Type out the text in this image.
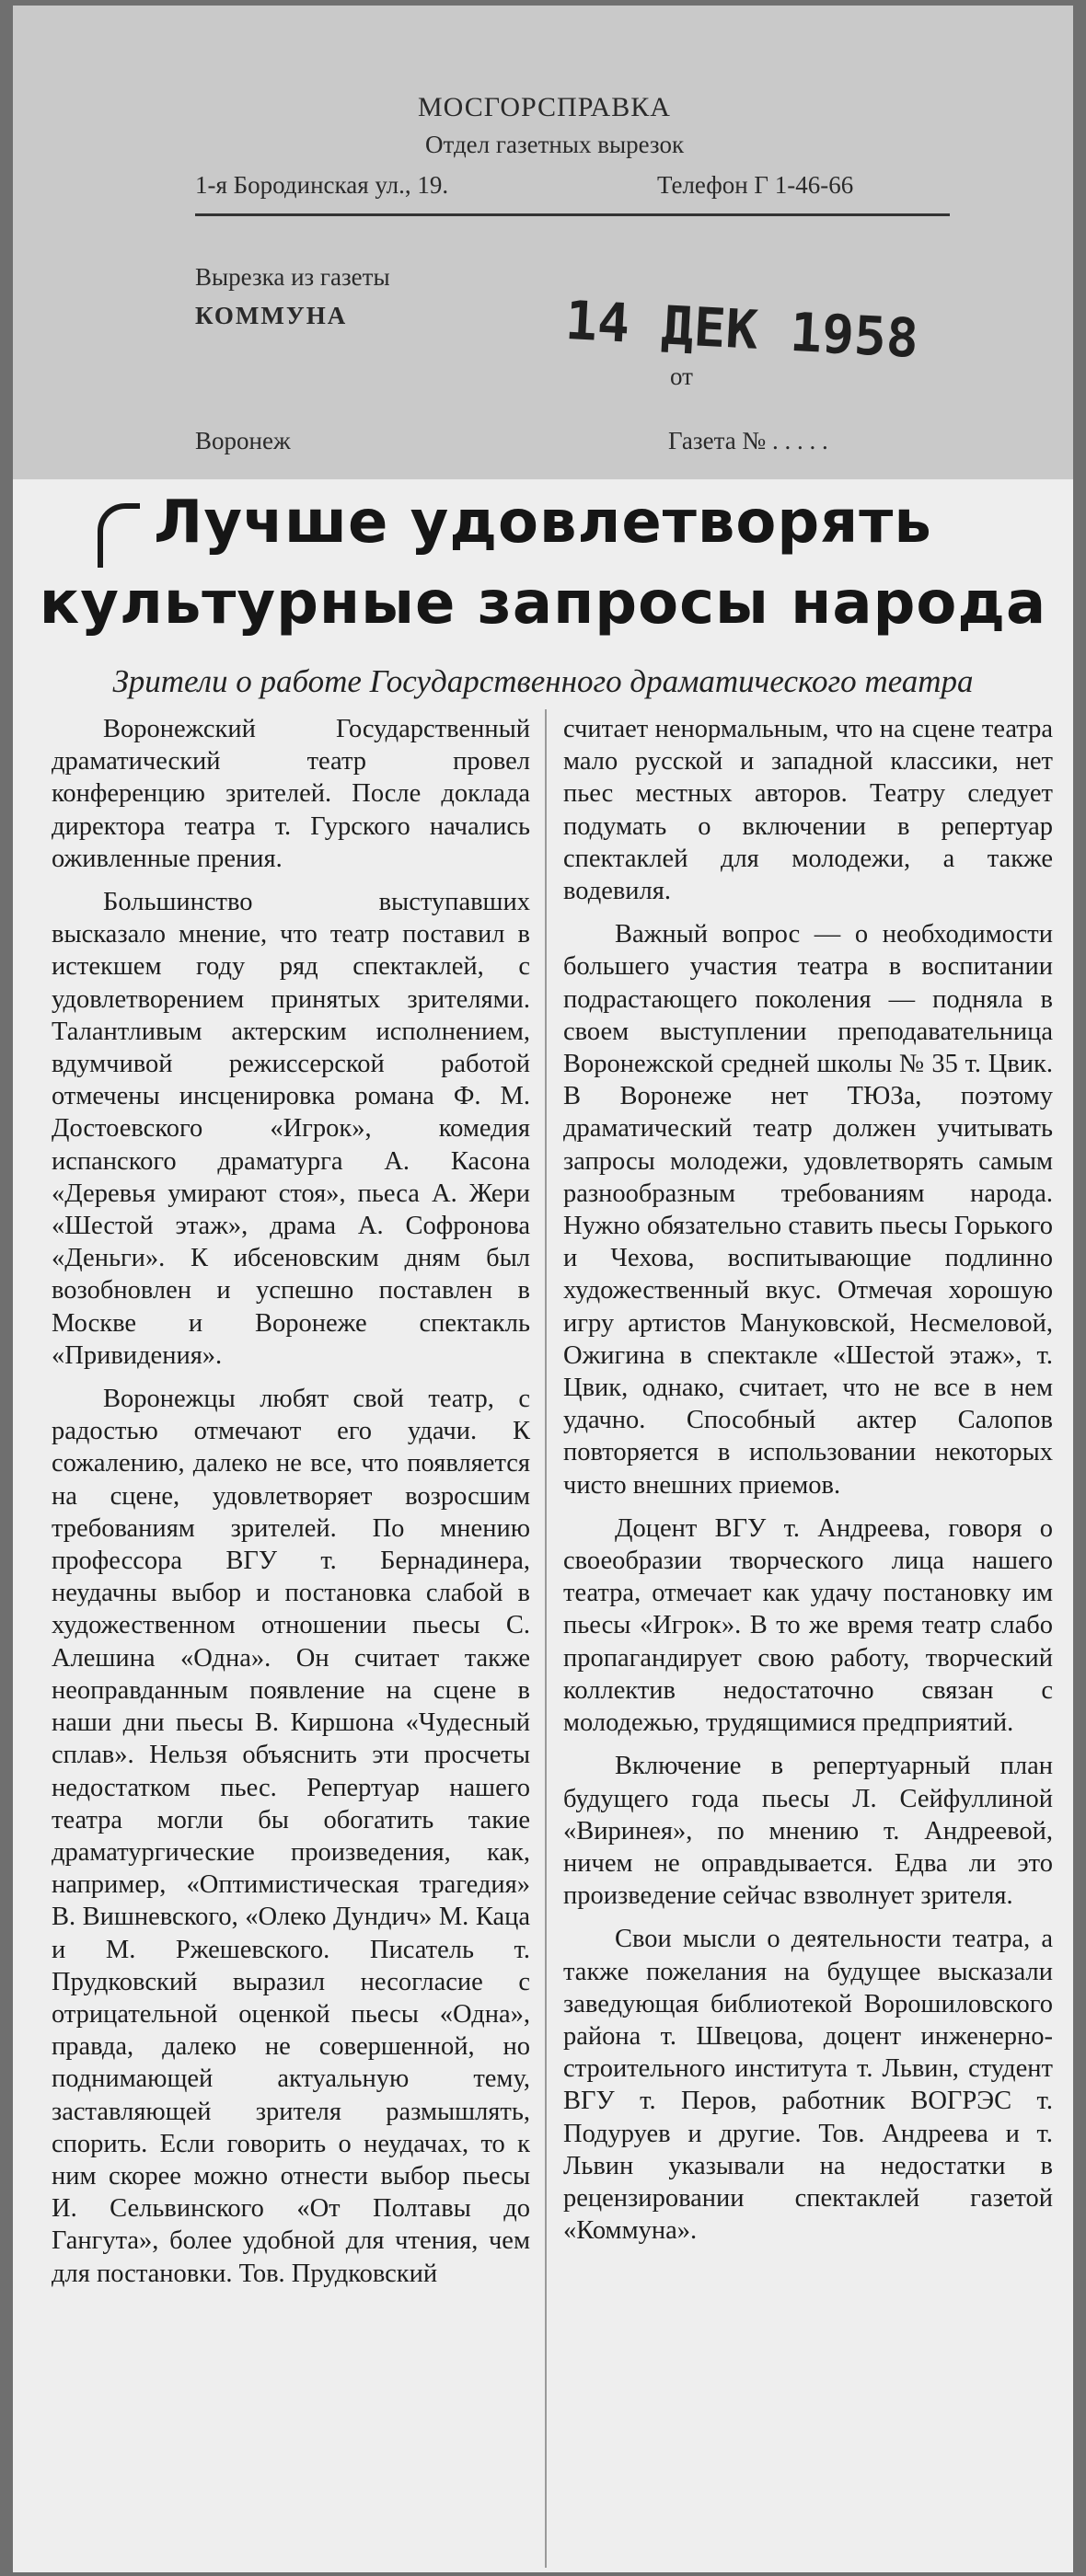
МОСГОРСПРАВКА
Отдел газетных вырезок
1-я Бородинская ул., 19.	Телефон Г 1-46-66
Вырезка из газеты
КОММУНА
от
14 ДЕК 1958
Воронеж	Газета № . . . . .
Лучше удовлетворять
культурные запросы народа
Зрители о работе Государственного драматического театра

Воронежский Государственный драматический театр провел конференцию зрителей. После доклада директора театра т. Гурского начались оживленные прения.

Большинство выступавших высказало мнение, что театр поставил в истекшем году ряд спектаклей, с удовлетворением принятых зрителями. Талантливым актерским исполнением, вдумчивой режиссерской работой отмечены инсценировка романа Ф. М. Достоевского «Игрок», комедия испанского драматурга А. Касона «Деревья умирают стоя», пьеса А. Жери «Шестой этаж», драма А. Софронова «Деньги». К ибсеновским дням был возобновлен и успешно поставлен в Москве и Воронеже спектакль «Привидения».

Воронежцы любят свой театр, с радостью отмечают его удачи. К сожалению, далеко не все, что появляется на сцене, удовлетворяет возросшим требованиям зрителей. По мнению профессора ВГУ т. Бернадинера, неудачны выбор и постановка слабой в художественном отношении пьесы С. Алешина «Одна». Он считает также неоправданным появление на сцене в наши дни пьесы В. Киршона «Чудесный сплав». Нельзя объяснить эти просчеты недостатком пьес. Репертуар нашего театра могли бы обогатить такие драматургические произведения, как, например, «Оптимистическая трагедия» В. Вишневского, «Олеко Дундич» М. Каца и М. Ржешевского. Писатель т. Прудковский выразил несогласие с отрицательной оценкой пьесы «Одна», правда, далеко не совершенной, но поднимающей актуальную тему, заставляющей зрителя размышлять, спорить. Если говорить о неудачах, то к ним скорее можно отнести выбор пьесы И. Сельвинского «От Полтавы до Гангута», более удобной для чтения, чем для постановки. Тов. Прудковский

считает ненормальным, что на сцене театра мало русской и западной классики, нет пьес местных авторов. Театру следует подумать о включении в репертуар спектаклей для молодежи, а также водевиля.

Важный вопрос — о необходимости большего участия театра в воспитании подрастающего поколения — подняла в своем выступлении преподавательница Воронежской средней школы № 35 т. Цвик. В Воронеже нет ТЮЗа, поэтому драматический театр должен учитывать запросы молодежи, удовлетворять самым разнообразным требованиям народа. Нужно обязательно ставить пьесы Горького и Чехова, воспитывающие подлинно художественный вкус. Отмечая хорошую игру артистов Мануковской, Несмеловой, Ожигина в спектакле «Шестой этаж», т. Цвик, однако, считает, что не все в нем удачно. Способный актер Салопов повторяется в использовании некоторых чисто внешних приемов.

Доцент ВГУ т. Андреева, говоря о своеобразии творческого лица нашего театра, отмечает как удачу постановку им пьесы «Игрок». В то же время театр слабо пропагандирует свою работу, творческий коллектив недостаточно связан с молодежью, трудящимися предприятий.

Включение в репертуарный план будущего года пьесы Л. Сейфуллиной «Виринея», по мнению т. Андреевой, ничем не оправдывается. Едва ли это произведение сейчас взволнует зрителя.

Свои мысли о деятельности театра, а также пожелания на будущее высказали заведующая библиотекой Ворошиловского района т. Швецова, доцент инженерно-строительного института т. Львин, студент ВГУ т. Перов, работник ВОГРЭС т. Подуруев и другие. Тов. Андреева и т. Львин указывали на недостатки в рецензировании спектаклей газетой «Коммуна».
